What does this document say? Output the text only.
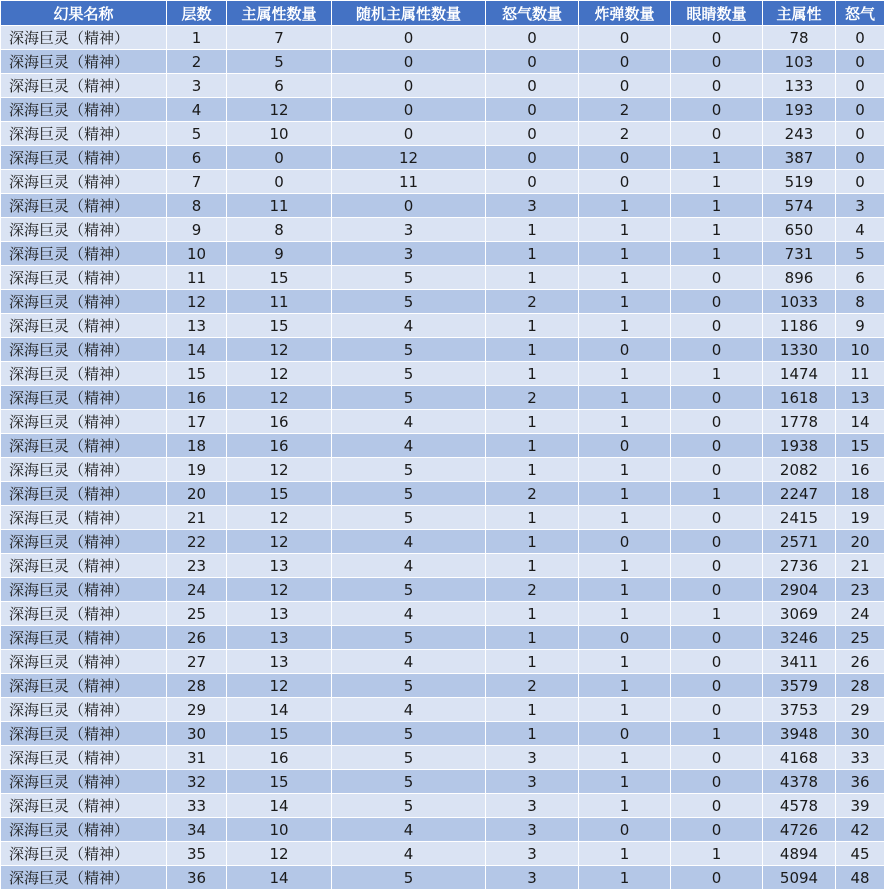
幻果名称	层数	主属性数量	随机主属性数量	怒气数量	炸弹数量	眼睛数量	主属性	怒气
深海巨灵（精神）	1	7	0	0	0	0	78	0
深海巨灵（精神）	2	5	0	0	0	0	103	0
深海巨灵（精神）	3	6	0	0	0	0	133	0
深海巨灵（精神）	4	12	0	0	2	0	193	0
深海巨灵（精神）	5	10	0	0	2	0	243	0
深海巨灵（精神）	6	0	12	0	0	1	387	0
深海巨灵（精神）	7	0	11	0	0	1	519	0
深海巨灵（精神）	8	11	0	3	1	1	574	3
深海巨灵（精神）	9	8	3	1	1	1	650	4
深海巨灵（精神）	10	9	3	1	1	1	731	5
深海巨灵（精神）	11	15	5	1	1	0	896	6
深海巨灵（精神）	12	11	5	2	1	0	1033	8
深海巨灵（精神）	13	15	4	1	1	0	1186	9
深海巨灵（精神）	14	12	5	1	0	0	1330	10
深海巨灵（精神）	15	12	5	1	1	1	1474	11
深海巨灵（精神）	16	12	5	2	1	0	1618	13
深海巨灵（精神）	17	16	4	1	1	0	1778	14
深海巨灵（精神）	18	16	4	1	0	0	1938	15
深海巨灵（精神）	19	12	5	1	1	0	2082	16
深海巨灵（精神）	20	15	5	2	1	1	2247	18
深海巨灵（精神）	21	12	5	1	1	0	2415	19
深海巨灵（精神）	22	12	4	1	0	0	2571	20
深海巨灵（精神）	23	13	4	1	1	0	2736	21
深海巨灵（精神）	24	12	5	2	1	0	2904	23
深海巨灵（精神）	25	13	4	1	1	1	3069	24
深海巨灵（精神）	26	13	5	1	0	0	3246	25
深海巨灵（精神）	27	13	4	1	1	0	3411	26
深海巨灵（精神）	28	12	5	2	1	0	3579	28
深海巨灵（精神）	29	14	4	1	1	0	3753	29
深海巨灵（精神）	30	15	5	1	0	1	3948	30
深海巨灵（精神）	31	16	5	3	1	0	4168	33
深海巨灵（精神）	32	15	5	3	1	0	4378	36
深海巨灵（精神）	33	14	5	3	1	0	4578	39
深海巨灵（精神）	34	10	4	3	0	0	4726	42
深海巨灵（精神）	35	12	4	3	1	1	4894	45
深海巨灵（精神）	36	14	5	3	1	0	5094	48
